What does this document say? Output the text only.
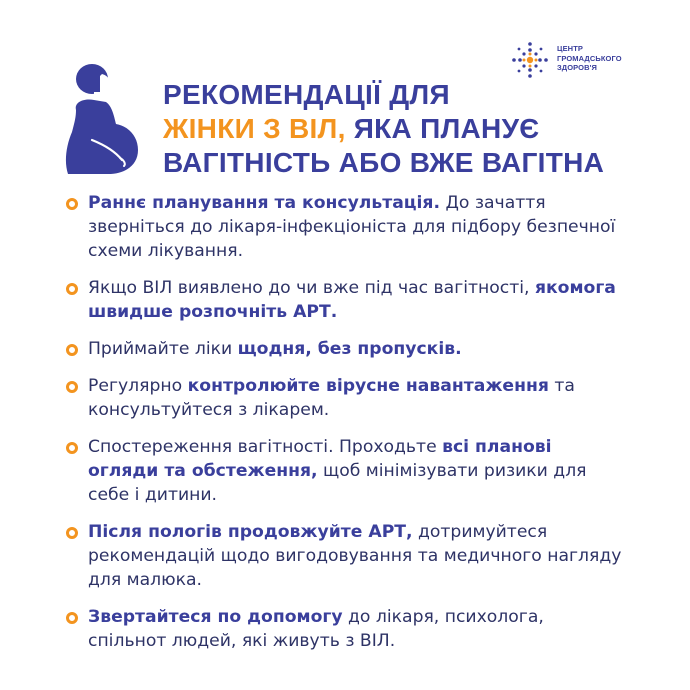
ЦЕНТР
ГРОМАДСЬКОГО
ЗДОРОВ'Я
РЕКОМЕНДАЦІЇ ДЛЯ
ЖІНКИ З ВІЛ, ЯКА ПЛАНУЄ
ВАГІТНІСТЬ АБО ВЖЕ ВАГІТНА
Раннє планування та консультація. До зачаття зверніться до лікаря-інфекціоніста для підбору безпечної схеми лікування.
Якщо ВІЛ виявлено до чи вже під час вагітності, якомога швидше розпочніть АРТ.
Приймайте ліки щодня, без пропусків.
Регулярно контролюйте вірусне навантаження та консультуйтеся з лікарем.
Спостереження вагітності. Проходьте всі планові огляди та обстеження, щоб мінімізувати ризики для себе і дитини.
Після пологів продовжуйте АРТ, дотримуйтеся рекомендацій щодо вигодовування та медичного нагляду для малюка.
Звертайтеся по допомогу до лікаря, психолога, спільнот людей, які живуть з ВІЛ.
